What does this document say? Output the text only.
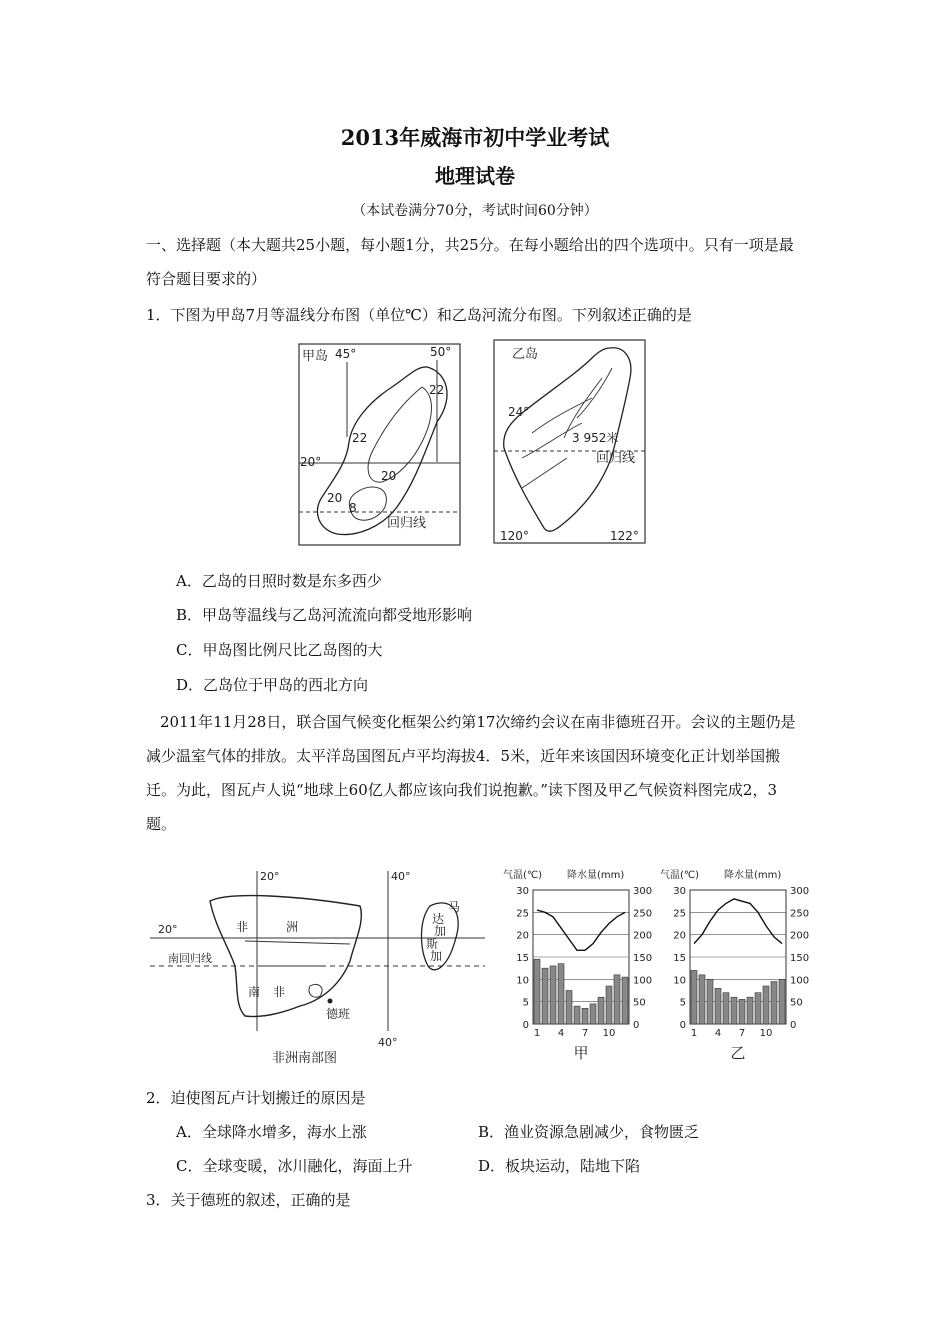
2013年威海市初中学业考试
地理试卷
（本试卷满分70分，考试时间60分钟）
一、选择题（本大题共25小题，每小题1分，共25分。在每小题给出的四个选项中。只有一项是最符合题目要求的）
1．下图为甲岛7月等温线分布图（单位℃）和乙岛河流分布图。下列叙述正确的是
甲岛 45°	50°
20°
22
22
20
20
8
回归线
乙岛
24°
3 952米
回归线
120°	122°
A．乙岛的日照时数是东多西少
B．甲岛等温线与乙岛河流流向都受地形影响
C．甲岛图比例尺比乙岛图的大
D．乙岛位于甲岛的西北方向
2011年11月28日，联合国气候变化框架公约第17次缔约会议在南非德班召开。会议的主题仍是减少温室气体的排放。太平洋岛国图瓦卢平均海拔4．5米，近年来该国因环境变化正计划举国搬迁。为此，图瓦卢人说“地球上60亿人都应该向我们说抱歉。”读下图及甲乙气候资料图完成2，3题。
20°	40°
20°
南回归线
非	洲
南 非
马
达
加
斯
加
德班
40°
非洲南部图
气温(℃) 降水量(mm)
0	0
5	50
10	100
15	150
20	200
25	250
30	300
1 4 7 10
甲
气温(℃) 降水量(mm)
0	0
5	50
10	100
15	150
20	200
25	250
30	300
1 4 7 10
乙
2．迫使图瓦卢计划搬迁的原因是
A．全球降水增多，海水上涨	B．渔业资源急剧减少，食物匮乏
C．全球变暖，冰川融化，海面上升	D．板块运动，陆地下陷
3．关于德班的叙述，正确的是
